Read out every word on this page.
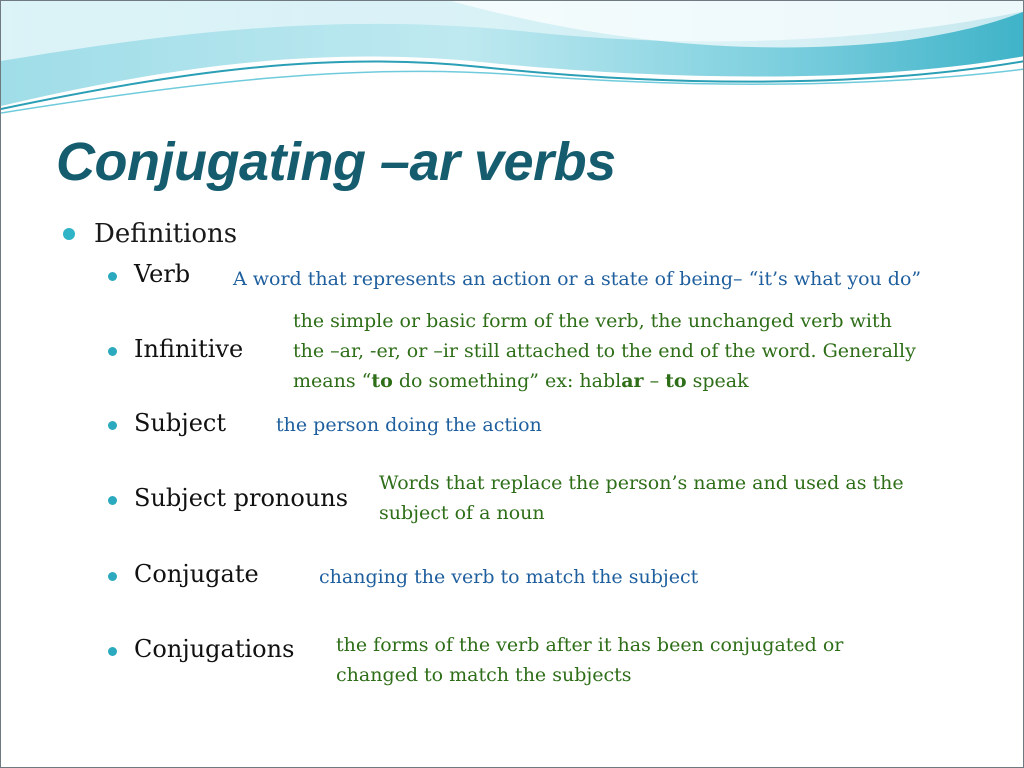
Conjugating –ar verbs
Definitions
Verb A word that represents an action or a state of being– “it’s what you do”
Infinitive
the simple or basic form of the verb, the unchanged verb with
the –ar, -er, or –ir still attached to the end of the word. Generally
means “to do something” ex: hablar – to speak
Subject	the person doing the action
Subject pronouns
Words that replace the person’s name and used as the
subject of a noun
Conjugate	changing the verb to match the subject
Conjugations the forms of the verb after it has been conjugated or
changed to match the subjects
